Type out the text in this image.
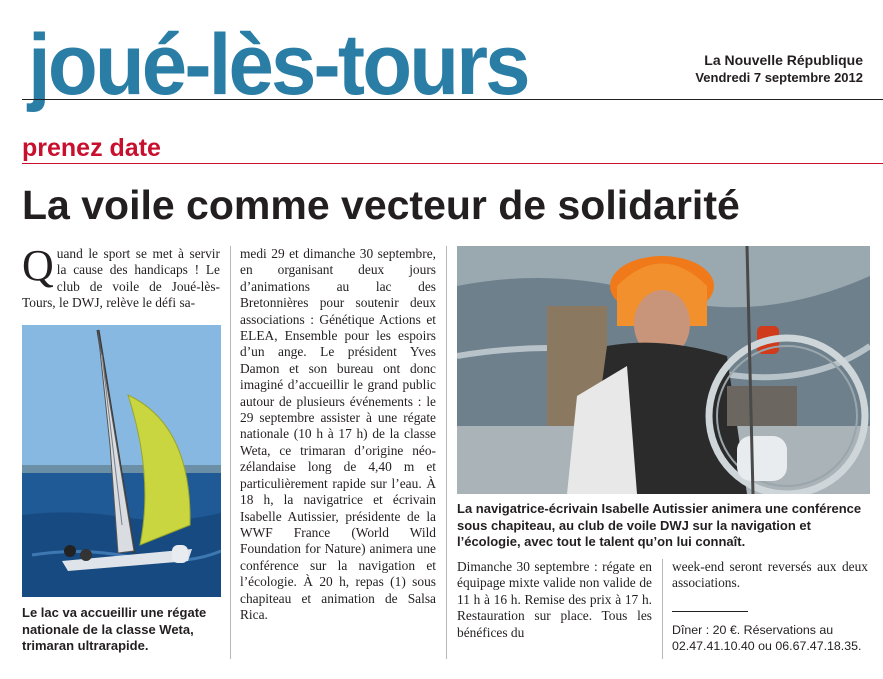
joué-lès-tours	La Nouvelle République
Vendredi 7 septembre 2012
prenez date
La voile comme vecteur de solidarité
Quand le sport se met à servir la cause des handicaps ! Le club de voile de Joué-lès-Tours, le DWJ, relève le défi sa-
Le lac va accueillir une régate nationale de la classe Weta, trimaran ultrarapide.
medi 29 et dimanche 30 septembre, en organisant deux jours d’animations au lac des Bretonnières pour soutenir deux associations : Génétique Actions et ELEA, Ensemble pour les espoirs d’un ange. Le président Yves Damon et son bureau ont donc imaginé d’accueillir le grand public autour de plusieurs événements : le 29 septembre assister à une régate nationale (10 h à 17 h) de la classe Weta, ce trimaran d’origine néo-zélandaise long de 4,40 m et particulièrement rapide sur l’eau. À 18 h, la navigatrice et écrivain Isabelle Autissier, présidente de la WWF France (World Wild Foundation for Nature) animera une conférence sur la navigation et l’écologie. À 20 h, repas (1) sous chapiteau et animation de Salsa Rica.
La navigatrice-écrivain Isabelle Autissier animera une conférence sous chapiteau, au club de voile DWJ sur la navigation et l’écologie, avec tout le talent qu’on lui connaît.
Dimanche 30 septembre : régate en équipage mixte valide non valide de 11 h à 16 h. Remise des prix à 17 h. Restauration sur place. Tous les bénéfices du
week-end seront reversés aux deux associations.
Dîner : 20 €. Réservations au
02.47.41.10.40 ou 06.67.47.18.35.
